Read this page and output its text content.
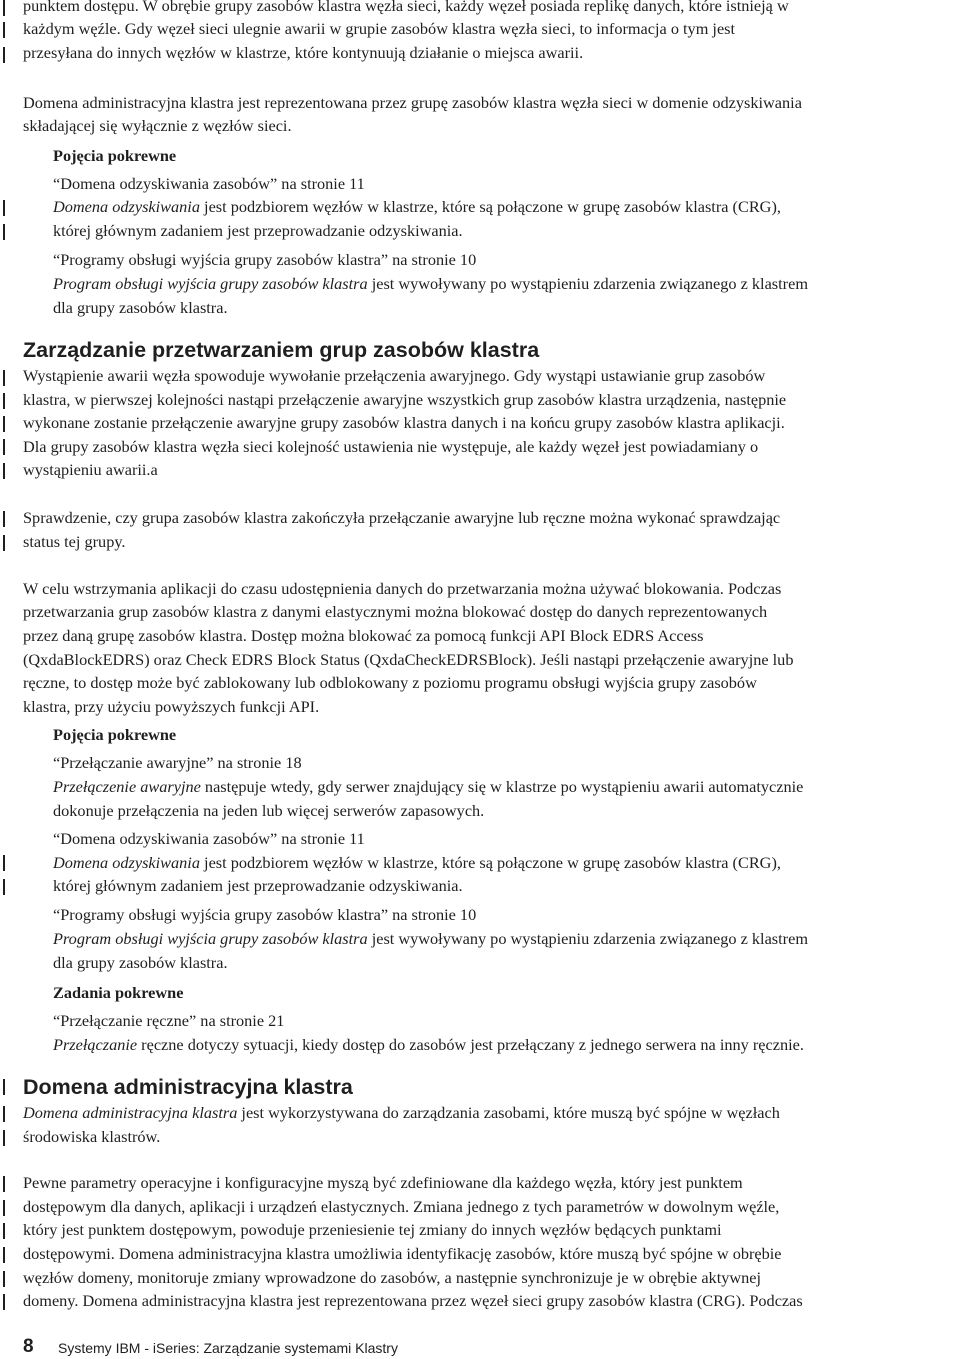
punktem dostępu. W obrębie grupy zasobów klastra węzła sieci, każdy węzeł posiada replikę danych, które istnieją w

każdym węźle. Gdy węzeł sieci ulegnie awarii w grupie zasobów klastra węzła sieci, to informacja o tym jest

przesyłana do innych węzłów w klastrze, które kontynuują działanie o miejsca awarii.

Domena administracyjna klastra jest reprezentowana przez grupę zasobów klastra węzła sieci w domenie odzyskiwania

składającej się wyłącznie z węzłów sieci.

Pojęcia pokrewne

“Domena odzyskiwania zasobów” na stronie 11

Domena odzyskiwania jest podzbiorem węzłów w klastrze, które są połączone w grupę zasobów klastra (CRG),

której głównym zadaniem jest przeprowadzanie odzyskiwania.

“Programy obsługi wyjścia grupy zasobów klastra” na stronie 10

Program obsługi wyjścia grupy zasobów klastra jest wywoływany po wystąpieniu zdarzenia związanego z klastrem

dla grupy zasobów klastra.

Zarządzanie przetwarzaniem grup zasobów klastra

Wystąpienie awarii węzła spowoduje wywołanie przełączenia awaryjnego. Gdy wystąpi ustawianie grup zasobów

klastra, w pierwszej kolejności nastąpi przełączenie awaryjne wszystkich grup zasobów klastra urządzenia, następnie

wykonane zostanie przełączenie awaryjne grupy zasobów klastra danych i na końcu grupy zasobów klastra aplikacji.

Dla grupy zasobów klastra węzła sieci kolejność ustawienia nie występuje, ale każdy węzeł jest powiadamiany o

wystąpieniu awarii.a

Sprawdzenie, czy grupa zasobów klastra zakończyła przełączanie awaryjne lub ręczne można wykonać sprawdzając

status tej grupy.

W celu wstrzymania aplikacji do czasu udostępnienia danych do przetwarzania można używać blokowania. Podczas

przetwarzania grup zasobów klastra z danymi elastycznymi można blokować dostęp do danych reprezentowanych

przez daną grupę zasobów klastra. Dostęp można blokować za pomocą funkcji API Block EDRS Access

(QxdaBlockEDRS) oraz Check EDRS Block Status (QxdaCheckEDRSBlock). Jeśli nastąpi przełączenie awaryjne lub

ręczne, to dostęp może być zablokowany lub odblokowany z poziomu programu obsługi wyjścia grupy zasobów

klastra, przy użyciu powyższych funkcji API.

Pojęcia pokrewne

“Przełączanie awaryjne” na stronie 18

Przełączenie awaryjne następuje wtedy, gdy serwer znajdujący się w klastrze po wystąpieniu awarii automatycznie

dokonuje przełączenia na jeden lub więcej serwerów zapasowych.

“Domena odzyskiwania zasobów” na stronie 11

Domena odzyskiwania jest podzbiorem węzłów w klastrze, które są połączone w grupę zasobów klastra (CRG),

której głównym zadaniem jest przeprowadzanie odzyskiwania.

“Programy obsługi wyjścia grupy zasobów klastra” na stronie 10

Program obsługi wyjścia grupy zasobów klastra jest wywoływany po wystąpieniu zdarzenia związanego z klastrem

dla grupy zasobów klastra.

Zadania pokrewne

“Przełączanie ręczne” na stronie 21

Przełączanie ręczne dotyczy sytuacji, kiedy dostęp do zasobów jest przełączany z jednego serwera na inny ręcznie.

Domena administracyjna klastra

Domena administracyjna klastra jest wykorzystywana do zarządzania zasobami, które muszą być spójne w węzłach

środowiska klastrów.

Pewne parametry operacyjne i konfiguracyjne myszą być zdefiniowane dla każdego węzła, który jest punktem

dostępowym dla danych, aplikacji i urządzeń elastycznych. Zmiana jednego z tych parametrów w dowolnym węźle,

który jest punktem dostępowym, powoduje przeniesienie tej zmiany do innych węzłów będących punktami

dostępowymi. Domena administracyjna klastra umożliwia identyfikację zasobów, które muszą być spójne w obrębie

węzłów domeny, monitoruje zmiany wprowadzone do zasobów, a następnie synchronizuje je w obrębie aktywnej

domeny. Domena administracyjna klastra jest reprezentowana przez węzeł sieci grupy zasobów klastra (CRG). Podczas

8 Systemy IBM - iSeries: Zarządzanie systemami Klastry
